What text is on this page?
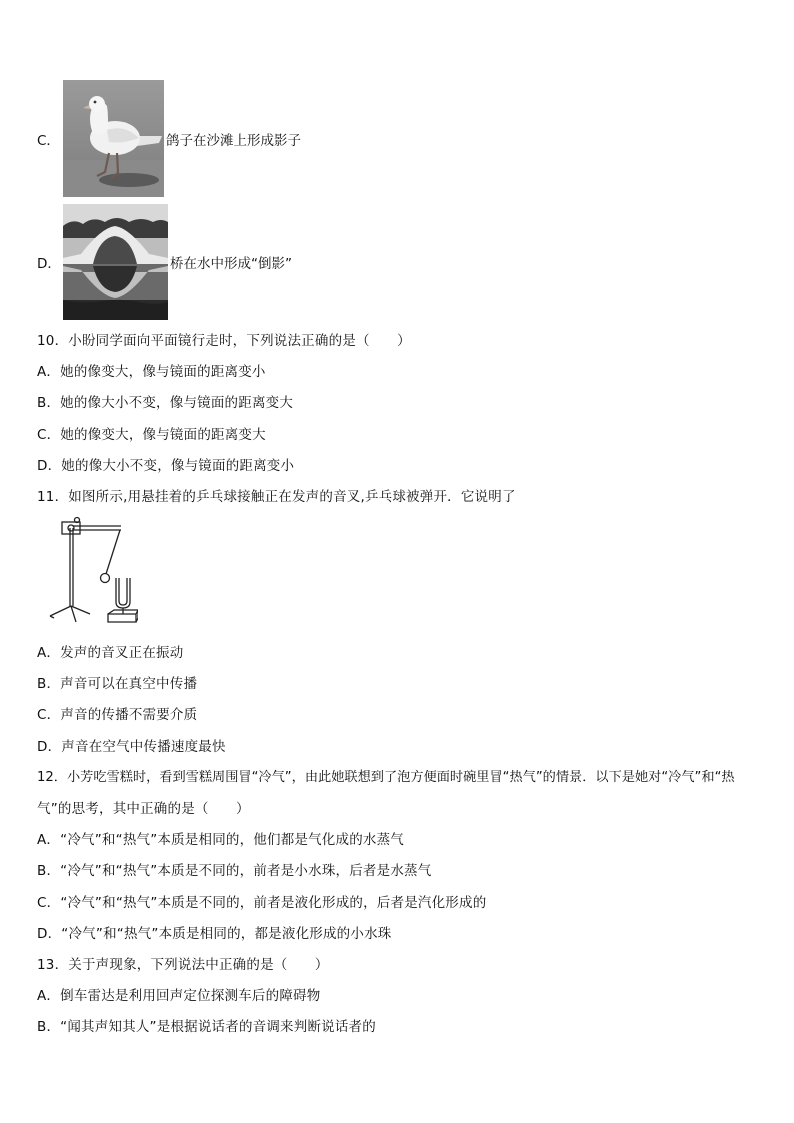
C．	鸽子在沙滩上形成影子
D．	桥在水中形成“倒影”
10．小盼同学面向平面镜行走时，下列说法正确的是（　　）
A．她的像变大，像与镜面的距离变小
B．她的像大小不变，像与镜面的距离变大
C．她的像变大，像与镜面的距离变大
D．她的像大小不变，像与镜面的距离变小
11．如图所示,用悬挂着的乒乓球接触正在发声的音叉,乒乓球被弹开．它说明了
A．发声的音叉正在振动
B．声音可以在真空中传播
C．声音的传播不需要介质
D．声音在空气中传播速度最快
12．小芳吃雪糕时，看到雪糕周围冒“冷气”，由此她联想到了泡方便面时碗里冒“热气”的情景．以下是她对“冷气”和“热
气”的思考，其中正确的是（　　）
A．“冷气”和“热气”本质是相同的，他们都是气化成的水蒸气
B．“冷气”和“热气”本质是不同的，前者是小水珠，后者是水蒸气
C．“冷气”和“热气”本质是不同的，前者是液化形成的，后者是汽化形成的
D．“冷气”和“热气”本质是相同的，都是液化形成的小水珠
13．关于声现象，下列说法中正确的是（　　）
A．倒车雷达是利用回声定位探测车后的障碍物
B．“闻其声知其人”是根据说话者的音调来判断说话者的
